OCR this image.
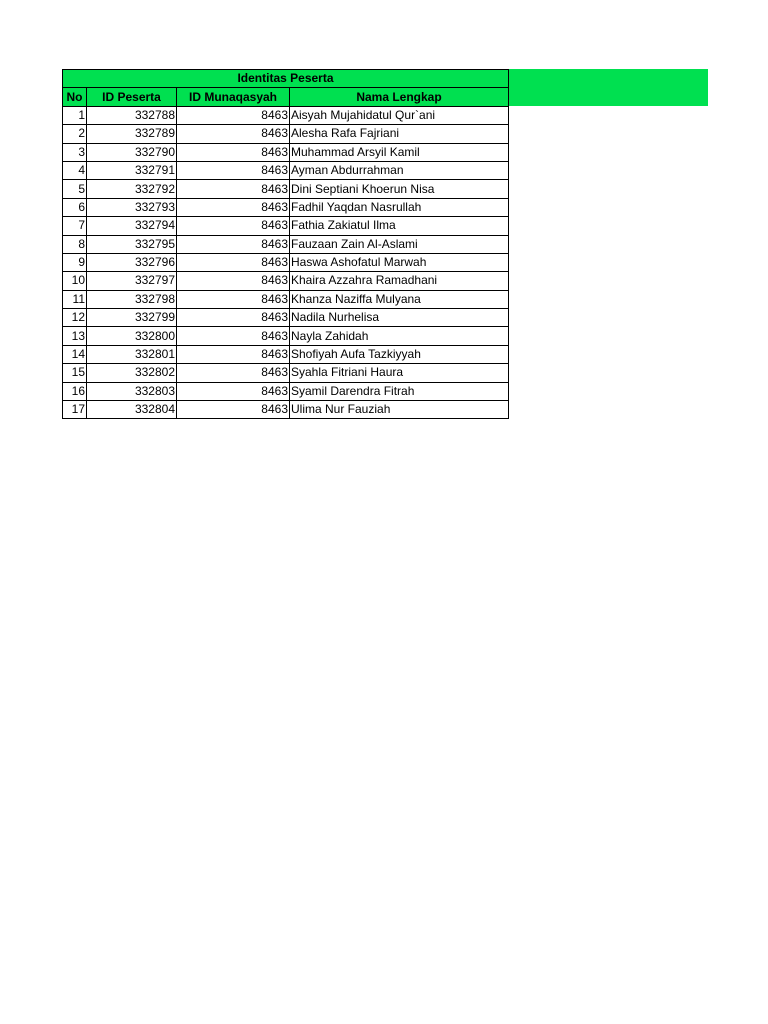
Identitas Peserta			
No	ID Peserta	ID Munaqasyah	Nama Lengkap
1	332788	8463	Aisyah Mujahidatul Qur`ani
2	332789	8463	Alesha Rafa Fajriani
3	332790	8463	Muhammad Arsyil Kamil
4	332791	8463	Ayman Abdurrahman
5	332792	8463	Dini Septiani Khoerun Nisa
6	332793	8463	Fadhil Yaqdan Nasrullah
7	332794	8463	Fathia Zakiatul Ilma
8	332795	8463	Fauzaan Zain Al-Aslami
9	332796	8463	Haswa Ashofatul Marwah
10	332797	8463	Khaira Azzahra Ramadhani
11	332798	8463	Khanza Naziffa Mulyana
12	332799	8463	Nadila Nurhelisa
13	332800	8463	Nayla Zahidah
14	332801	8463	Shofiyah Aufa Tazkiyyah
15	332802	8463	Syahla Fitriani Haura
16	332803	8463	Syamil Darendra Fitrah
17	332804	8463	Ulima Nur Fauziah
